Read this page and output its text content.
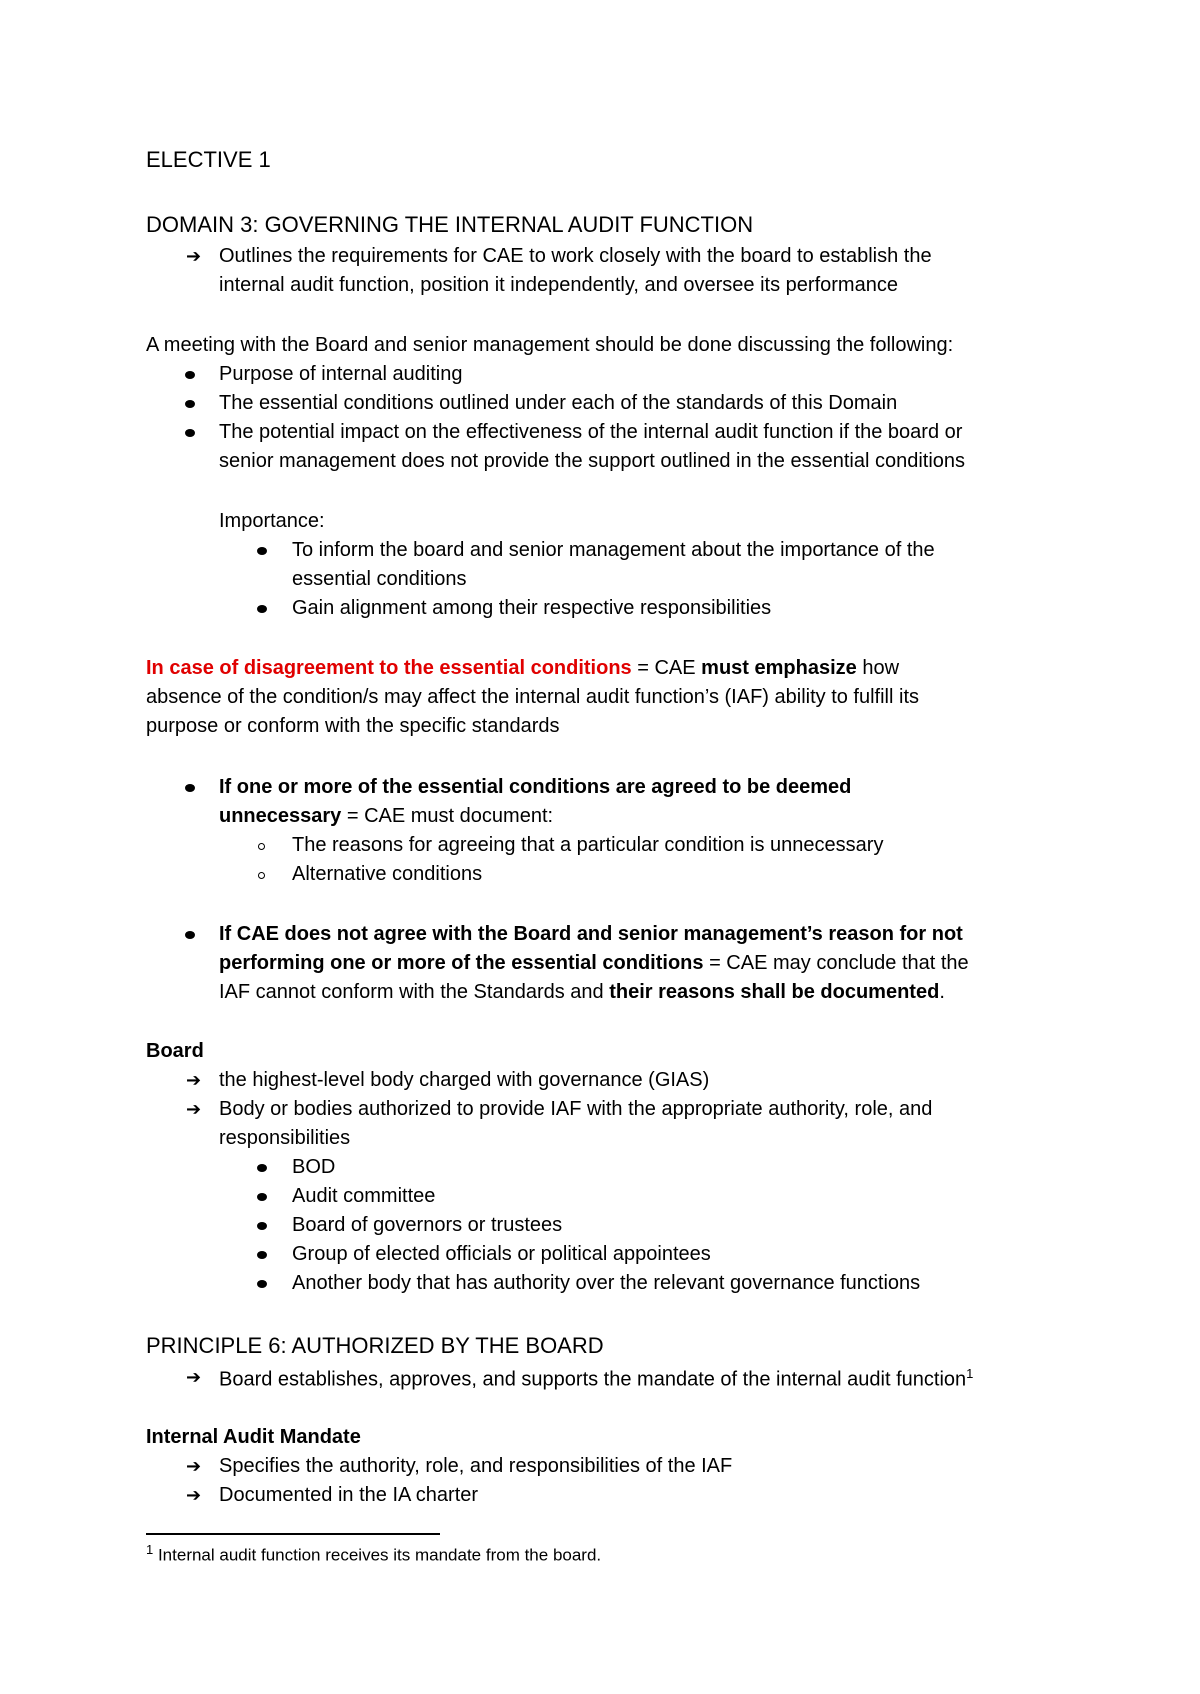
ELECTIVE 1
DOMAIN 3: GOVERNING THE INTERNAL AUDIT FUNCTION
➔ Outlines the requirements for CAE to work closely with the board to establish the
internal audit function, position it independently, and oversee its performance
A meeting with the Board and senior management should be done discussing the following:
Purpose of internal auditing
The essential conditions outlined under each of the standards of this Domain
The potential impact on the effectiveness of the internal audit function if the board or
senior management does not provide the support outlined in the essential conditions
Importance:
To inform the board and senior management about the importance of the
essential conditions
Gain alignment among their respective responsibilities
In case of disagreement to the essential conditions = CAE must emphasize how
absence of the condition/s may affect the internal audit function’s (IAF) ability to fulfill its
purpose or conform with the specific standards
If one or more of the essential conditions are agreed to be deemed
unnecessary = CAE must document:
The reasons for agreeing that a particular condition is unnecessary
Alternative conditions
If CAE does not agree with the Board and senior management’s reason for not
performing one or more of the essential conditions = CAE may conclude that the
IAF cannot conform with the Standards and their reasons shall be documented.
Board
➔ the highest-level body charged with governance (GIAS)
➔ Body or bodies authorized to provide IAF with the appropriate authority, role, and
responsibilities
BOD
Audit committee
Board of governors or trustees
Group of elected officials or political appointees
Another body that has authority over the relevant governance functions
PRINCIPLE 6: AUTHORIZED BY THE BOARD
➔ Board establishes, approves, and supports the mandate of the internal audit function$^1$
Internal Audit Mandate
➔ Specifies the authority, role, and responsibilities of the IAF
➔ Documented in the IA charter
$^1$ Internal audit function receives its mandate from the board.
